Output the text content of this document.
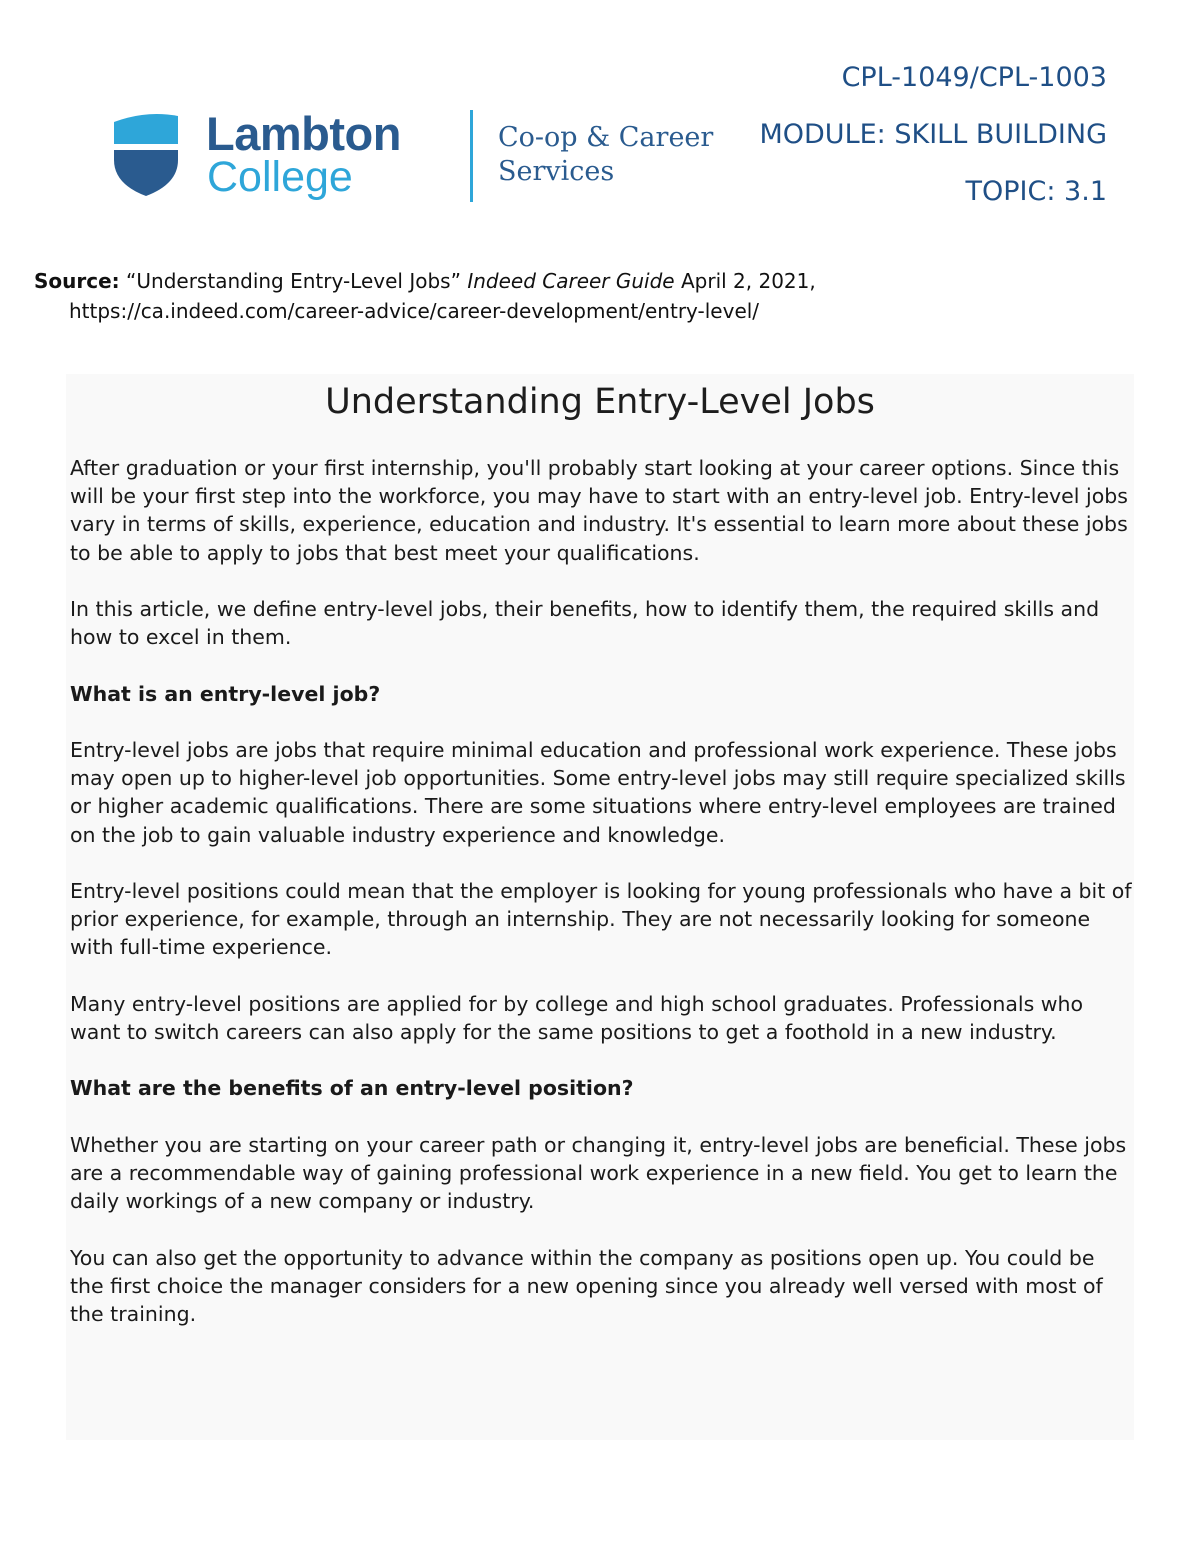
Lambton
College
Co-op & Career
Services
CPL-1049/CPL-1003
MODULE: SKILL BUILDING
TOPIC: 3.1
Source: “Understanding Entry-Level Jobs” Indeed Career Guide April 2, 2021,
https://ca.indeed.com/career-advice/career-development/entry-level/
Understanding Entry-Level Jobs

After graduation or your first internship, you'll probably start looking at your career options. Since this will be your first step into the workforce, you may have to start with an entry-level job. Entry-level jobs vary in terms of skills, experience, education and industry. It's essential to learn more about these jobs to be able to apply to jobs that best meet your qualifications.

In this article, we define entry-level jobs, their benefits, how to identify them, the required skills and how to excel in them.

What is an entry-level job?

Entry-level jobs are jobs that require minimal education and professional work experience. These jobs may open up to higher-level job opportunities. Some entry-level jobs may still require specialized skills or higher academic qualifications. There are some situations where entry-level employees are trained on the job to gain valuable industry experience and knowledge.

Entry-level positions could mean that the employer is looking for young professionals who have a bit of prior experience, for example, through an internship. They are not necessarily looking for someone with full-time experience.

Many entry-level positions are applied for by college and high school graduates. Professionals who want to switch careers can also apply for the same positions to get a foothold in a new industry.

What are the benefits of an entry-level position?

Whether you are starting on your career path or changing it, entry-level jobs are beneficial. These jobs are a recommendable way of gaining professional work experience in a new field. You get to learn the daily workings of a new company or industry.

You can also get the opportunity to advance within the company as positions open up. You could be the first choice the manager considers for a new opening since you already well versed with most of the training.
